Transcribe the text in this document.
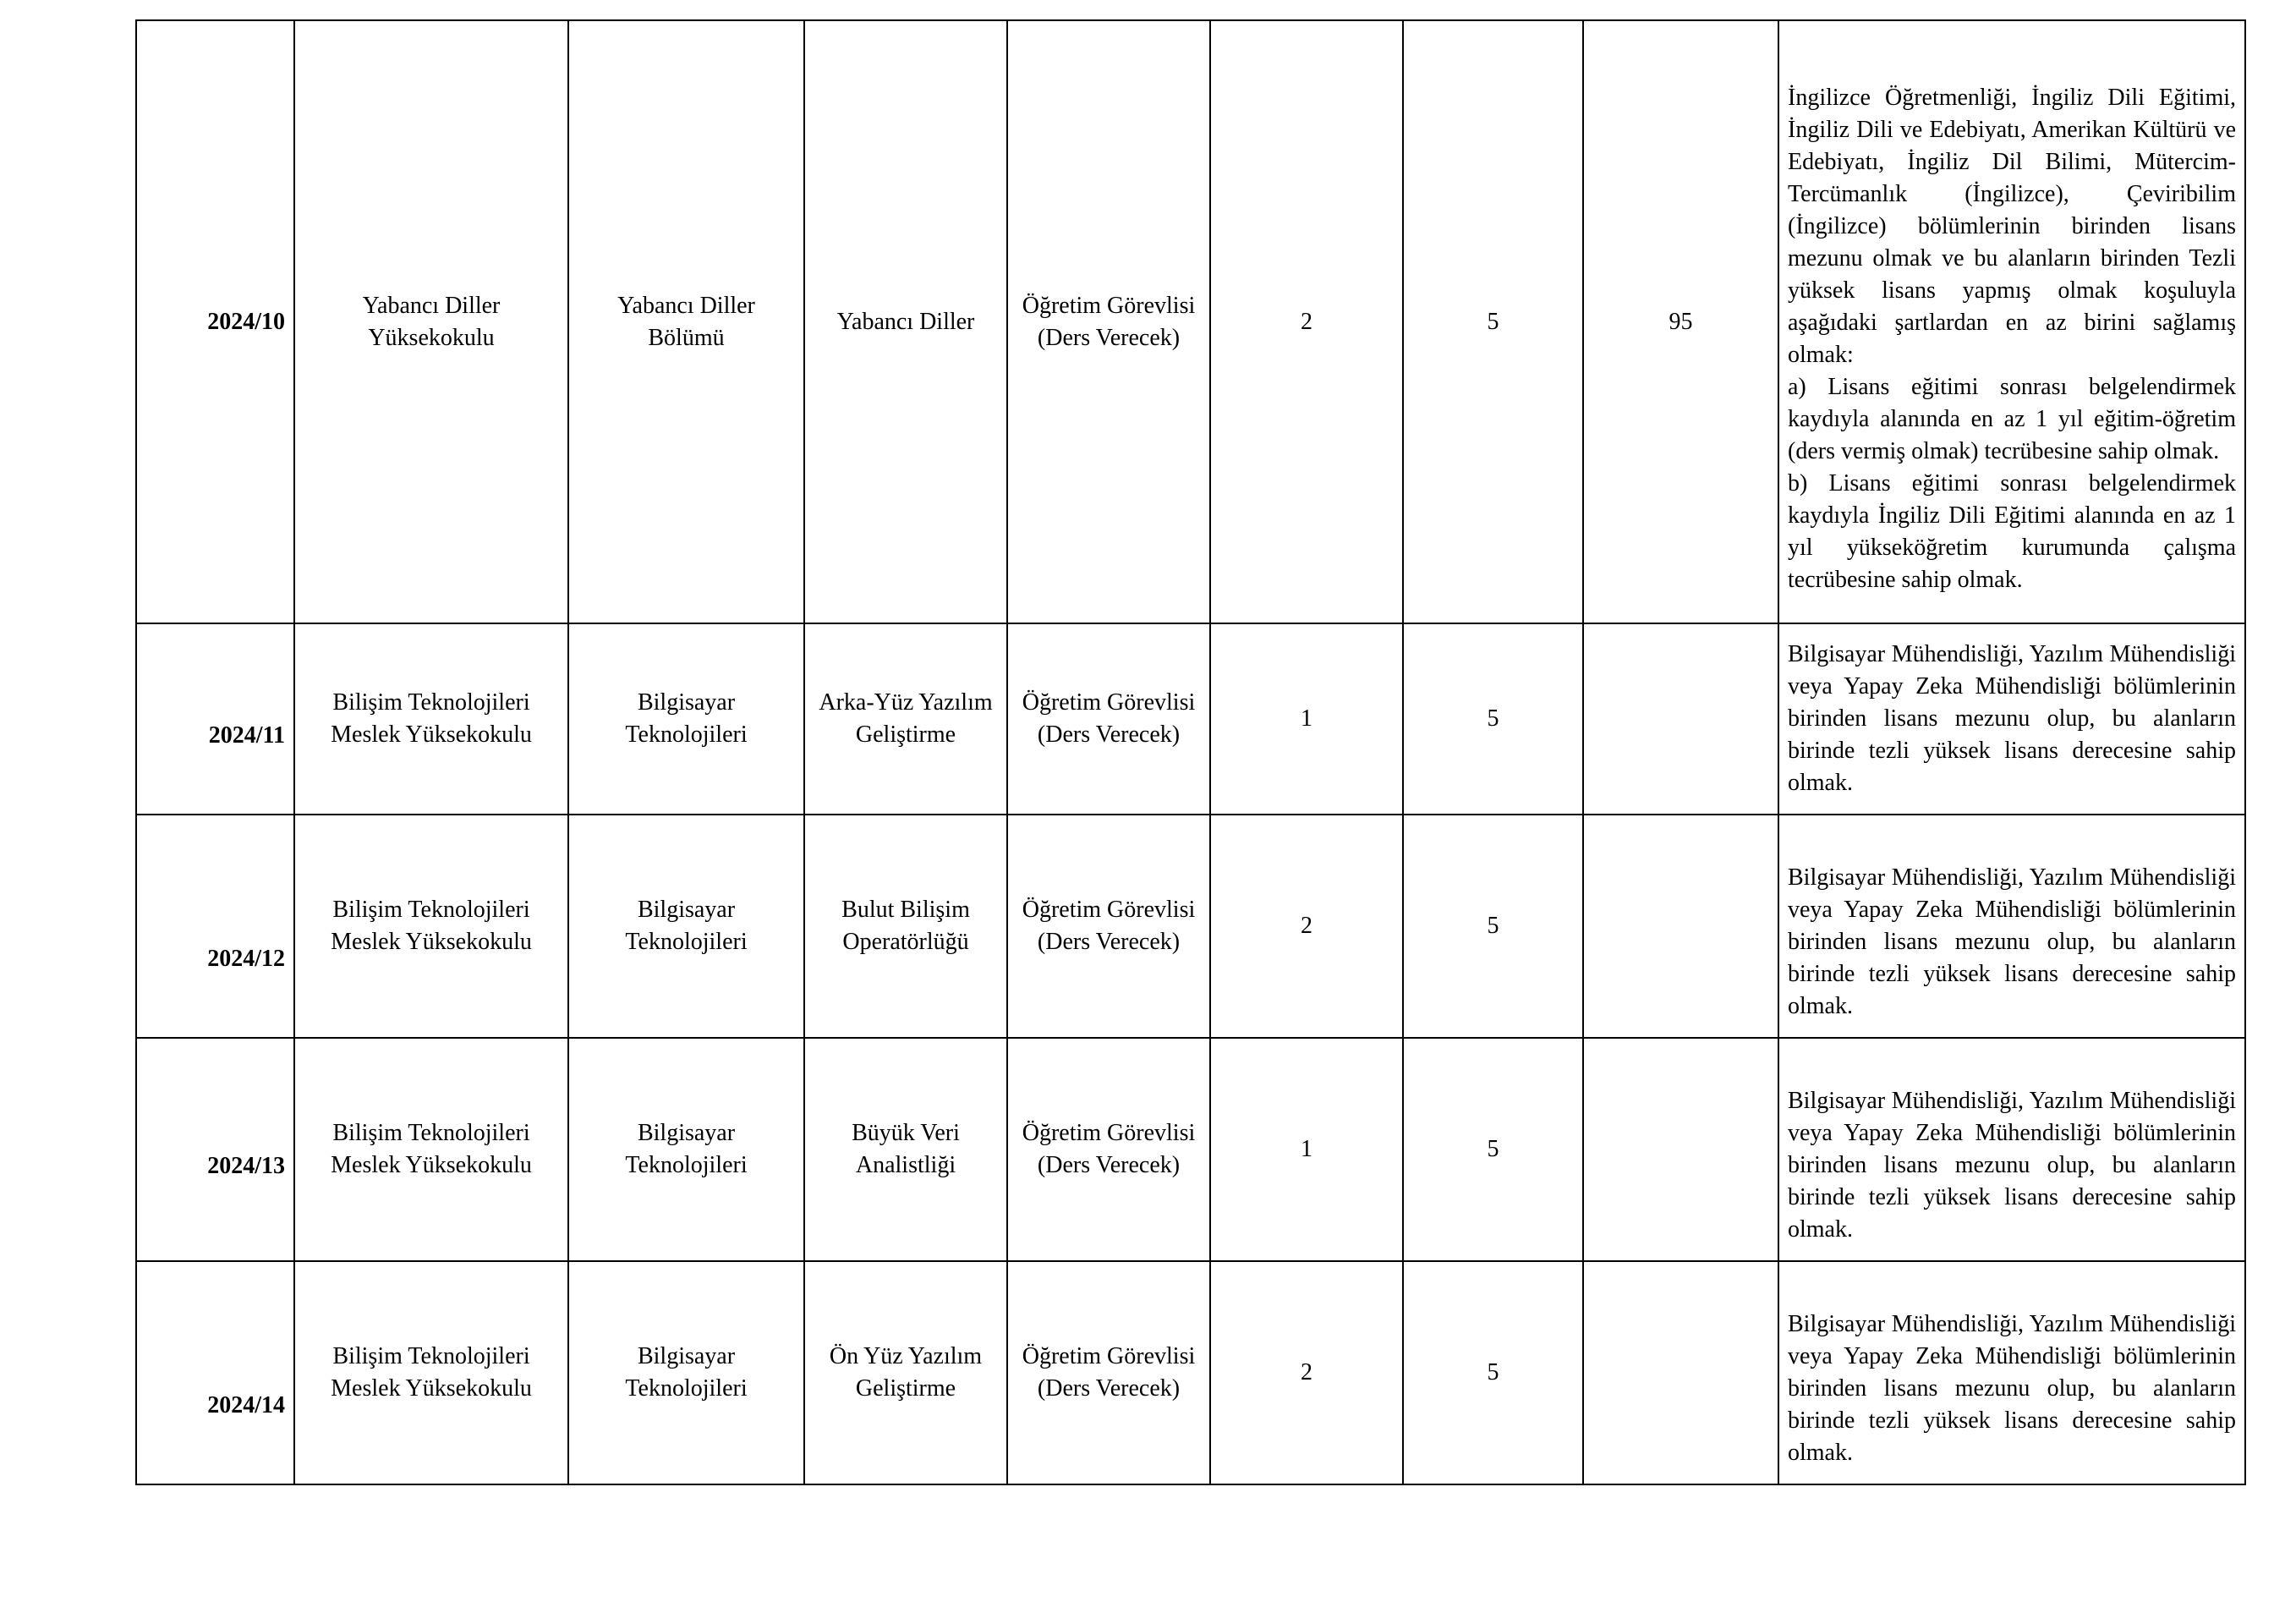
2024/10	Yabancı Diller Yüksekokulu	Yabancı Diller Bölümü	Yabancı Diller	Öğretim Görevlisi (Ders Verecek)	2	5	95	İngilizce Öğretmenliği, İngiliz Dili Eğitimi, İngiliz Dili ve Edebiyatı, Amerikan Kültürü ve Edebiyatı, İngiliz Dil Bilimi, Mütercim-Tercümanlık (İngilizce), Çeviribilim (İngilizce) bölümlerinin birinden lisans mezunu olmak ve bu alanların birinden Tezli yüksek lisans yapmış olmak koşuluyla aşağıdaki şartlardan en az birini sağlamış olmak:
a) Lisans eğitimi sonrası belgelendirmek kaydıyla alanında en az 1 yıl eğitim-öğretim (ders vermiş olmak) tecrübesine sahip olmak.
b) Lisans eğitimi sonrası belgelendirmek kaydıyla İngiliz Dili Eğitimi alanında en az 1 yıl yükseköğretim kurumunda çalışma tecrübesine sahip olmak.

2024/11	Bilişim Teknolojileri Meslek Yüksekokulu	Bilgisayar Teknolojileri	Arka-Yüz Yazılım Geliştirme	Öğretim Görevlisi (Ders Verecek)	1	5		Bilgisayar Mühendisliği, Yazılım Mühendisliği veya Yapay Zeka Mühendisliği bölümlerinin birinden lisans mezunu olup, bu alanların birinde tezli yüksek lisans derecesine sahip olmak.

2024/12	Bilişim Teknolojileri Meslek Yüksekokulu	Bilgisayar Teknolojileri	Bulut Bilişim Operatörlüğü	Öğretim Görevlisi (Ders Verecek)	2	5		Bilgisayar Mühendisliği, Yazılım Mühendisliği veya Yapay Zeka Mühendisliği bölümlerinin birinden lisans mezunu olup, bu alanların birinde tezli yüksek lisans derecesine sahip olmak.

2024/13	Bilişim Teknolojileri Meslek Yüksekokulu	Bilgisayar Teknolojileri	Büyük Veri Analistliği	Öğretim Görevlisi (Ders Verecek)	1	5		Bilgisayar Mühendisliği, Yazılım Mühendisliği veya Yapay Zeka Mühendisliği bölümlerinin birinden lisans mezunu olup, bu alanların birinde tezli yüksek lisans derecesine sahip olmak.

2024/14	Bilişim Teknolojileri Meslek Yüksekokulu	Bilgisayar Teknolojileri	Ön Yüz Yazılım Geliştirme	Öğretim Görevlisi (Ders Verecek)	2	5		Bilgisayar Mühendisliği, Yazılım Mühendisliği veya Yapay Zeka Mühendisliği bölümlerinin birinden lisans mezunu olup, bu alanların birinde tezli yüksek lisans derecesine sahip olmak.
